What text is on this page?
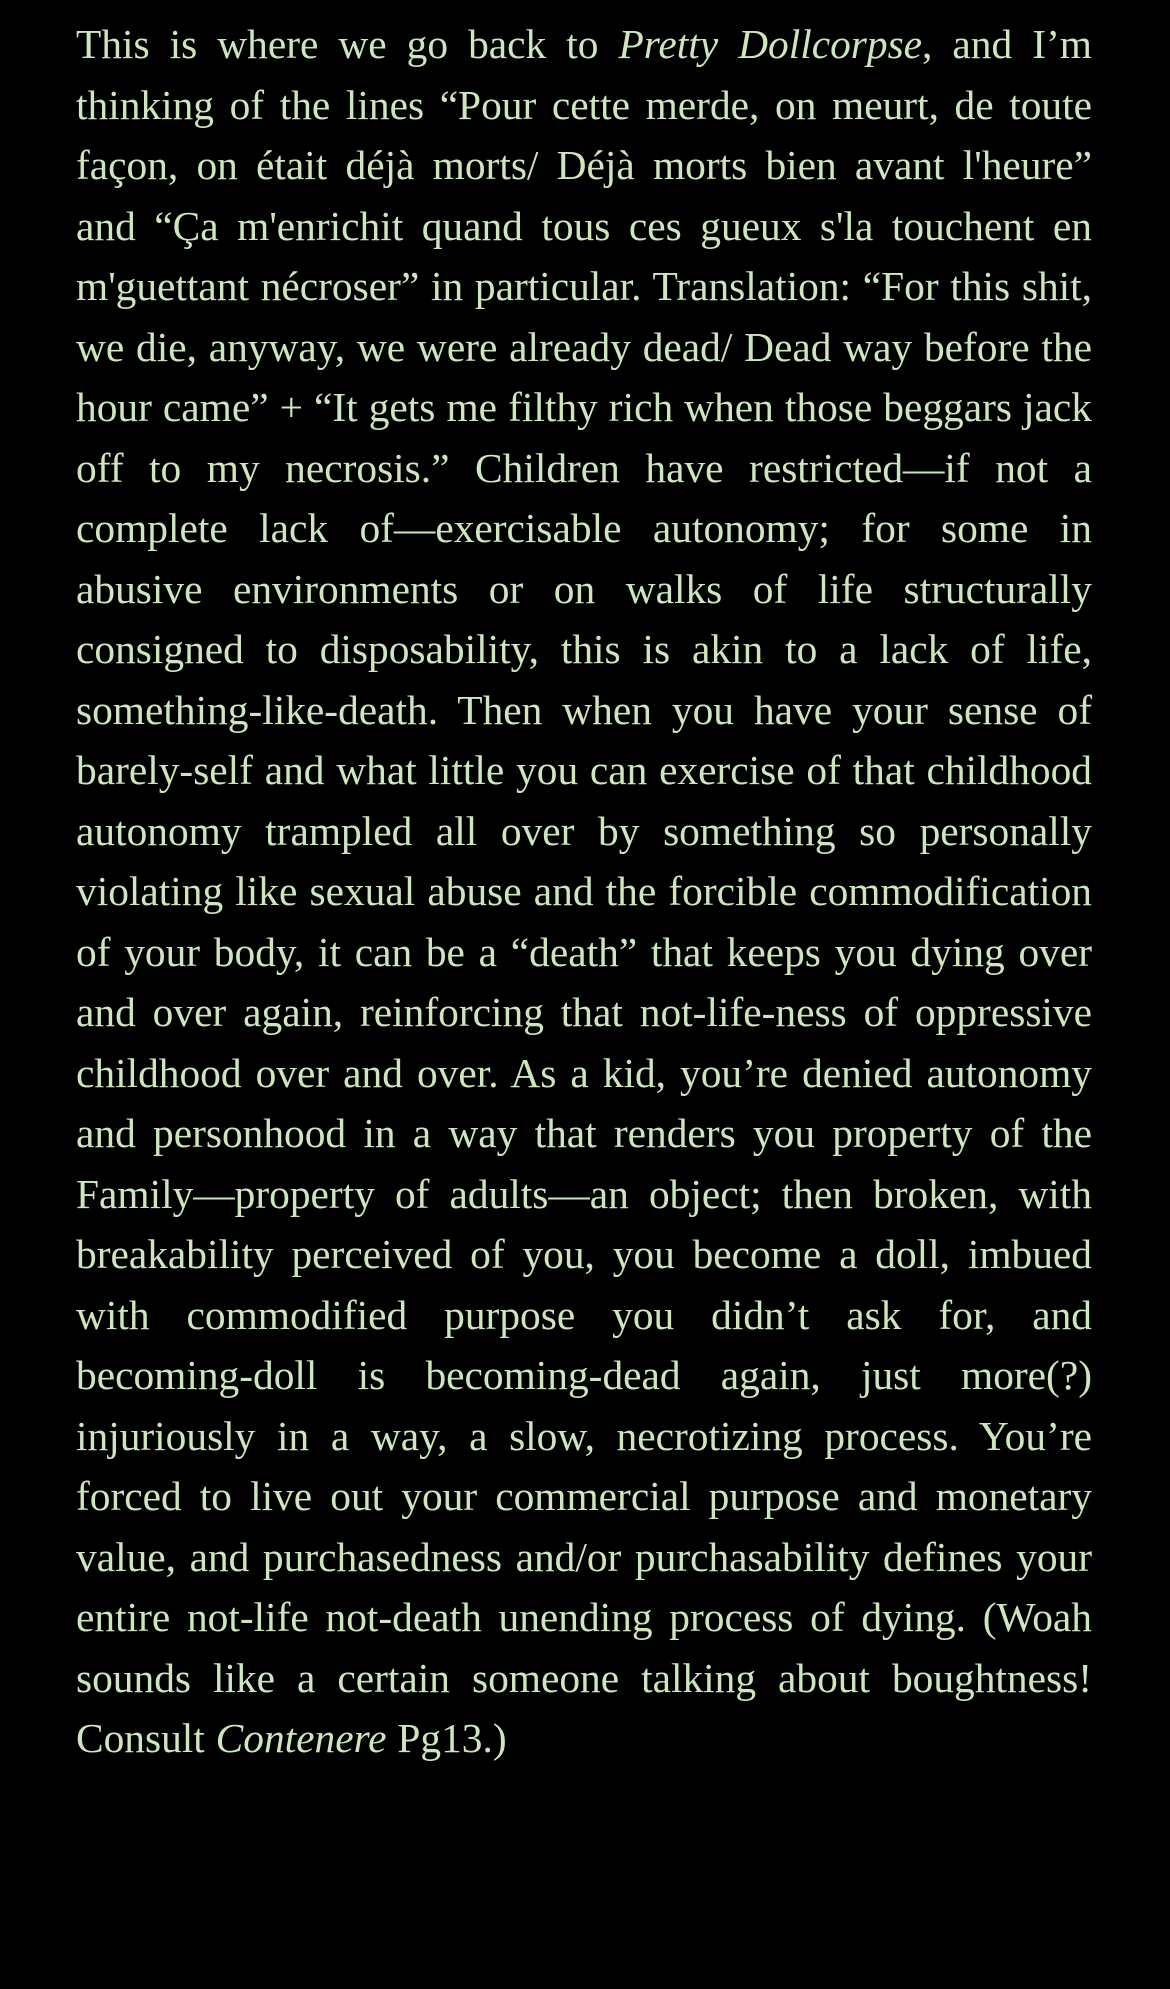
This is where we go back to Pretty Dollcorpse, and I’m thinking of the lines “Pour cette merde, on meurt, de toute façon, on était déjà morts/ Déjà morts bien avant l'heure” and “Ça m'enrichit quand tous ces gueux s'la touchent en m'guettant nécroser” in particular. Translation: “For this shit, we die, anyway, we were already dead/ Dead way before the hour came” + “It gets me filthy rich when those beggars jack off to my necrosis.” Children have restricted—if not a complete lack of—exercisable autonomy; for some in abusive environments or on walks of life structurally consigned to disposability, this is akin to a lack of life, something-like-death. Then when you have your sense of barely-self and what little you can exercise of that childhood autonomy trampled all over by something so personally violating like sexual abuse and the forcible commodification of your body, it can be a “death” that keeps you dying over and over again, reinforcing that not-life-ness of oppressive childhood over and over. As a kid, you’re denied autonomy and personhood in a way that renders you property of the Family—property of adults—an object; then broken, with breakability perceived of you, you become a doll, imbued with commodified purpose you didn’t ask for, and becoming-doll is becoming-dead again, just more(?) injuriously in a way, a slow, necrotizing process. You’re forced to live out your commercial purpose and monetary value, and purchasedness and/or purchasability defines your entire not-life not-death unending process of dying. (Woah sounds like a certain someone talking about boughtness! Consult Contenere Pg13.)
